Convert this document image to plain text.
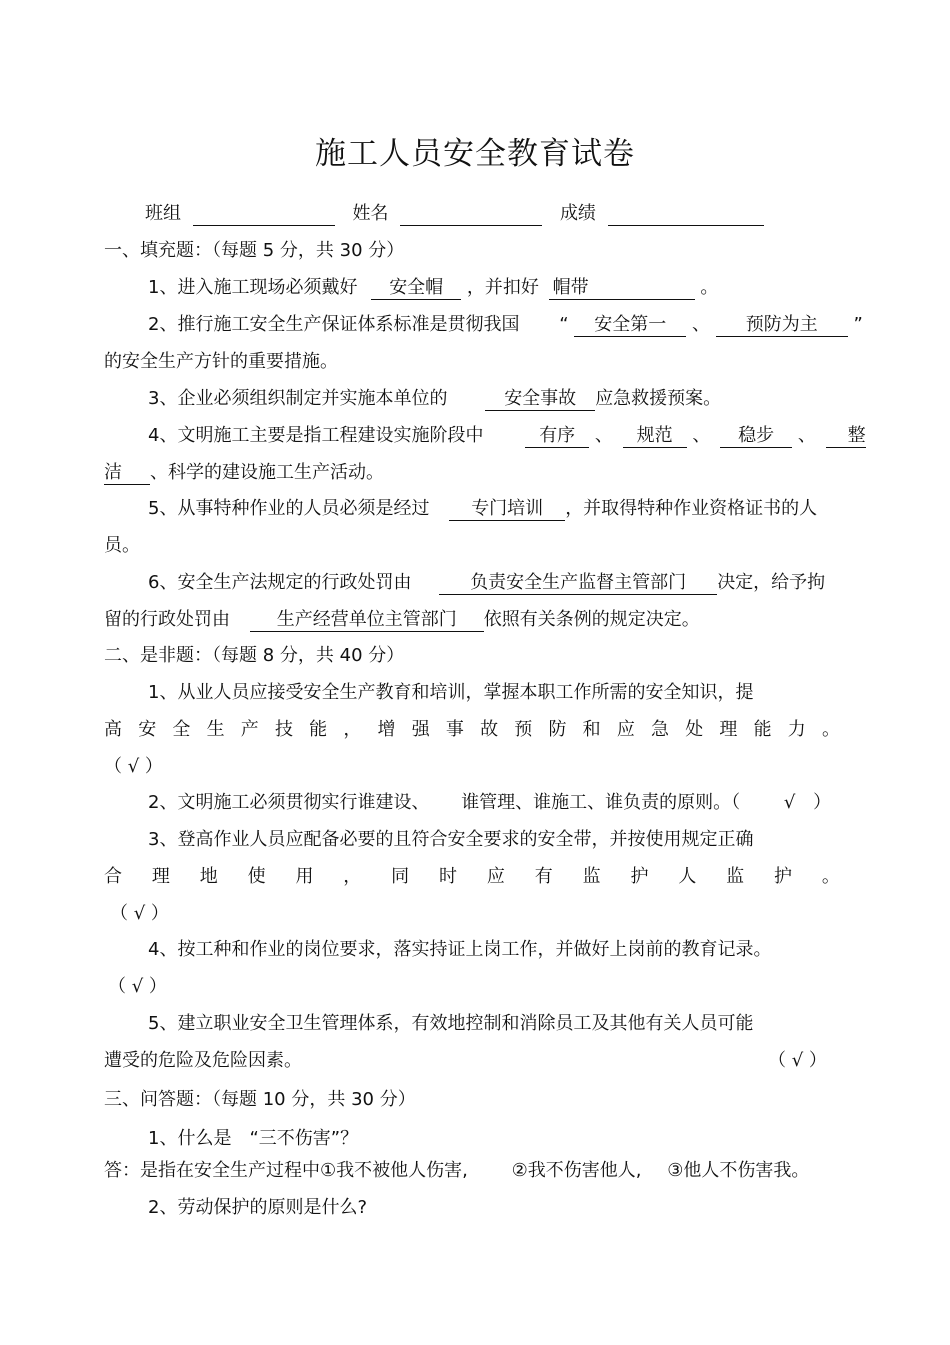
施工人员安全教育试卷
班组	姓名	成绩
一、填充题：（每题 5 分，共 30 分）
1、进入施工现场必须戴好 安全帽 ，并扣好 帽带	。
2、推行施工安全生产保证体系标准是贯彻我国 “ 安全第一 、 预防为主 ”
的安全生产方针的重要措施。
3、企业必须组织制定并实施本单位的	安全事故 应急救援预案。
4、文明施工主要是指工程建设实施阶段中	有序 、 规范 、 稳步 、 整
洁 、科学的建设施工生产活动。
5、从事特种作业的人员必须是经过 专门培训 ，并取得特种作业资格证书的人
员。
6、安全生产法规定的行政处罚由	负责安全生产监督主管部门 决定，给予拘
留的行政处罚由	生产经营单位主管部门 依照有关条例的规定决定。
二、是非题：（每题 8 分，共 40 分）
1、从业人员应接受安全生产教育和培训，掌握本职工作所需的安全知识，提
高 安 全 生 产 技 能 ， 增 强 事 故 预 防 和 应 急 处 理 能 力 。
（ √ ）
2、文明施工必须贯彻实行谁建设、 谁管理、谁施工、谁负责的原则。（ √ ）
3、登高作业人员应配备必要的且符合安全要求的安全带，并按使用规定正确
合 理 地 使 用 ， 同 时 应 有 监 护 人 监 护 。
（ √ ）
4、按工种和作业的岗位要求，落实持证上岗工作，并做好上岗前的教育记录。
（ √ ）
5、建立职业安全卫生管理体系，有效地控制和消除员工及其他有关人员可能
遭受的危险及危险因素。	（ √ ）
三、问答题：（每题 10 分，共 30 分）
1、什么是　“三不伤害”？
答：是指在安全生产过程中①我不被他人伤害, ②我不伤害他人, ③他人不伤害我。
2、劳动保护的原则是什么?
